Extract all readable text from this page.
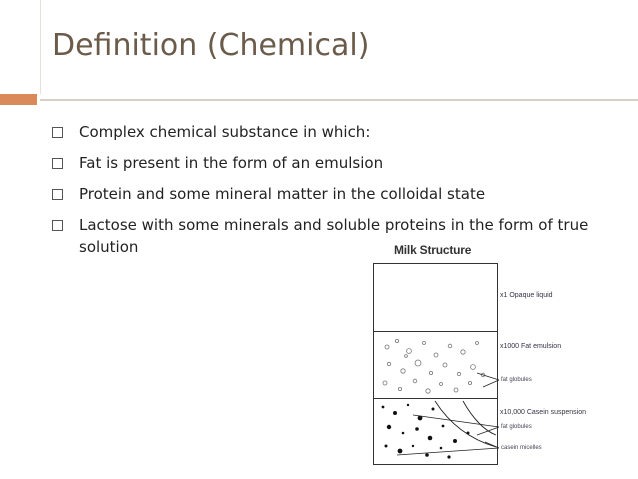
Definition (Chemical)
Complex chemical substance in which:
Fat is present in the form of an emulsion
Protein and some mineral matter in the colloidal state
Lactose with some minerals and soluble proteins in the form of true solution	Milk Structure
x1 Opaque liquid
x1000 Fat emulsion
fat globules
x10,000 Casein suspension
fat globules
casein micelles
